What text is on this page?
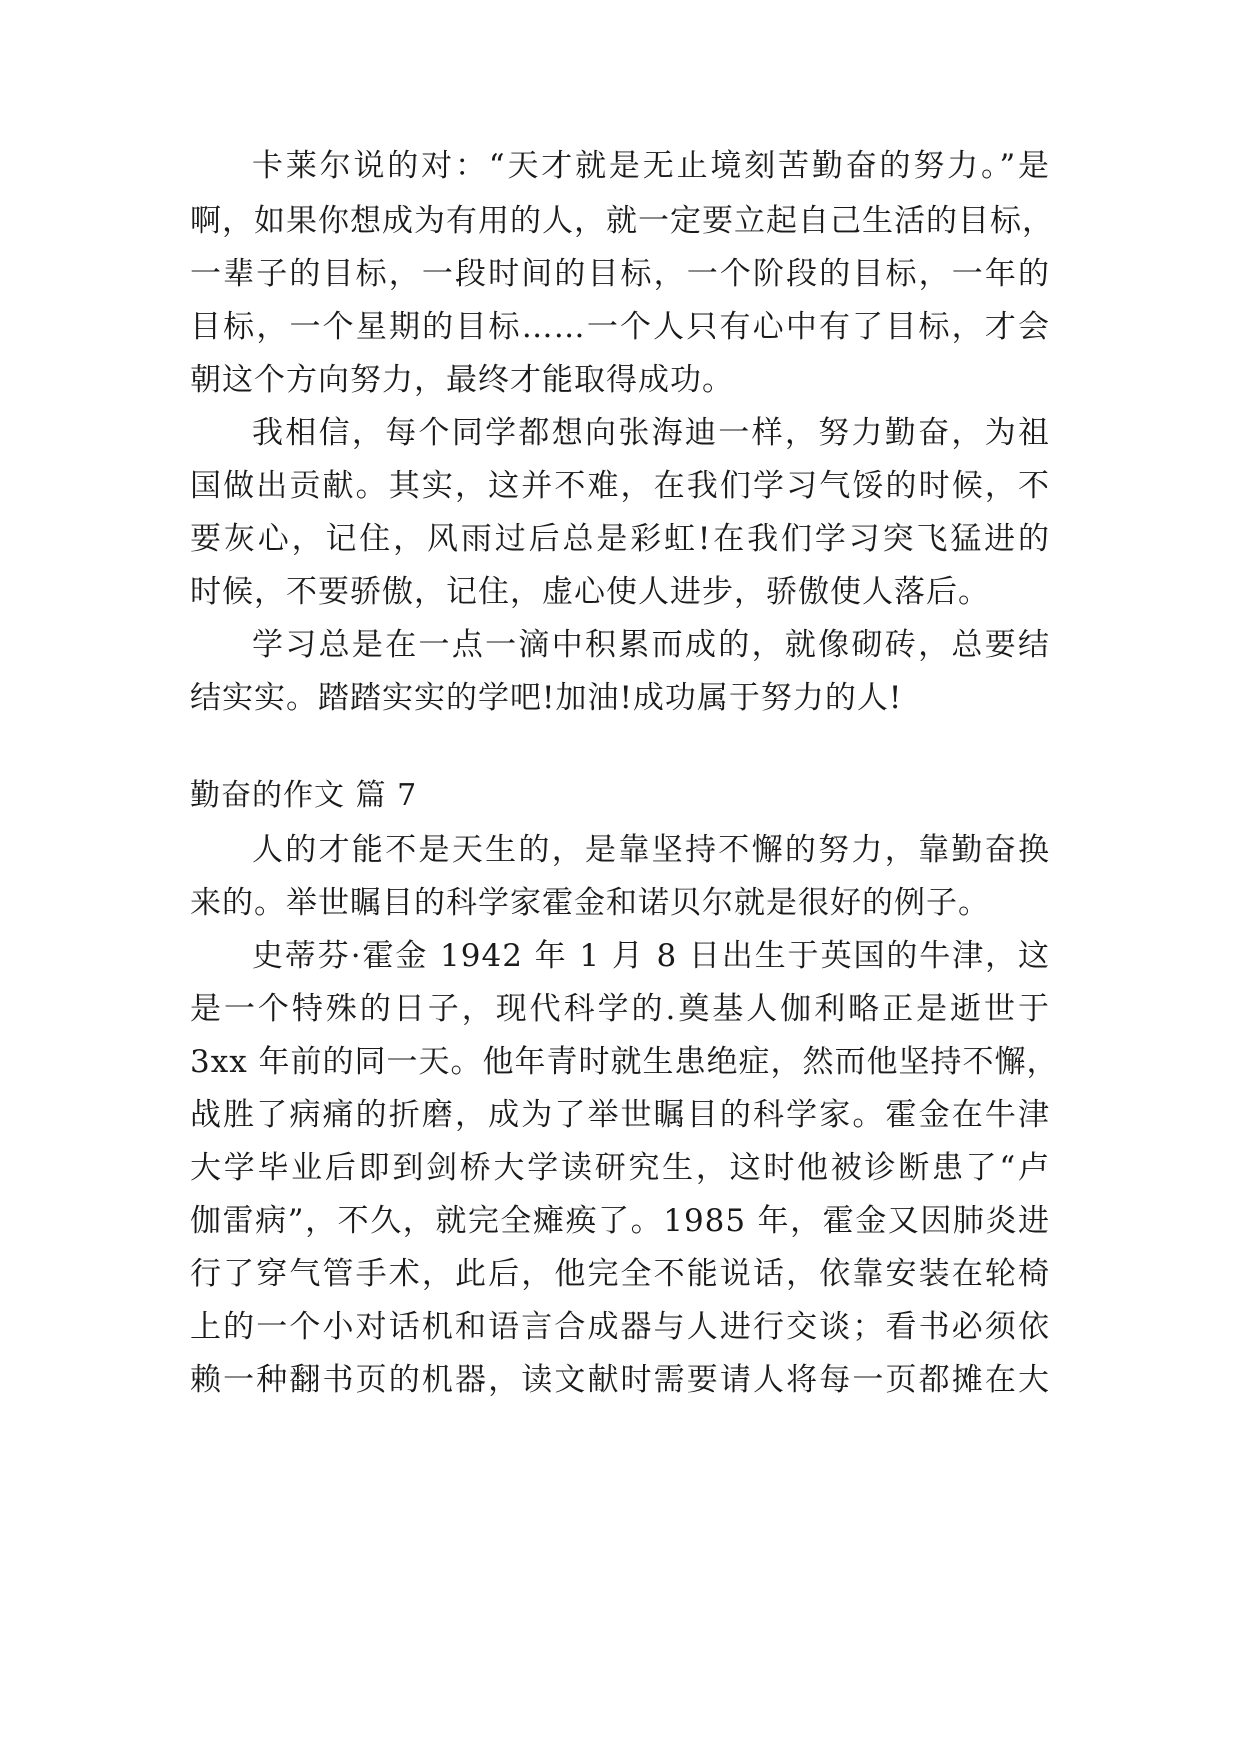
卡莱尔说的对：“天才就是无止境刻苦勤奋的努力。”是
啊，如果你想成为有用的人，就一定要立起自己生活的目标，
一辈子的目标，一段时间的目标，一个阶段的目标，一年的
目标，一个星期的目标……一个人只有心中有了目标，才会
朝这个方向努力，最终才能取得成功。
我相信，每个同学都想向张海迪一样，努力勤奋，为祖
国做出贡献。其实，这并不难，在我们学习气馁的时候，不
要灰心，记住，风雨过后总是彩虹!在我们学习突飞猛进的
时候，不要骄傲，记住，虚心使人进步，骄傲使人落后。
学习总是在一点一滴中积累而成的，就像砌砖，总要结
结实实。踏踏实实的学吧!加油!成功属于努力的人!
勤奋的作文 篇 7
人的才能不是天生的，是靠坚持不懈的努力，靠勤奋换
来的。举世瞩目的科学家霍金和诺贝尔就是很好的例子。
史蒂芬·霍金 1942 年 1 月 8 日出生于英国的牛津，这
是一个特殊的日子，现代科学的.奠基人伽利略正是逝世于
3xx 年前的同一天。他年青时就生患绝症，然而他坚持不懈，
战胜了病痛的折磨，成为了举世瞩目的科学家。霍金在牛津
大学毕业后即到剑桥大学读研究生，这时他被诊断患了“卢
伽雷病”，不久，就完全瘫痪了。1985 年，霍金又因肺炎进
行了穿气管手术，此后，他完全不能说话，依靠安装在轮椅
上的一个小对话机和语言合成器与人进行交谈；看书必须依
赖一种翻书页的机器，读文献时需要请人将每一页都摊在大
